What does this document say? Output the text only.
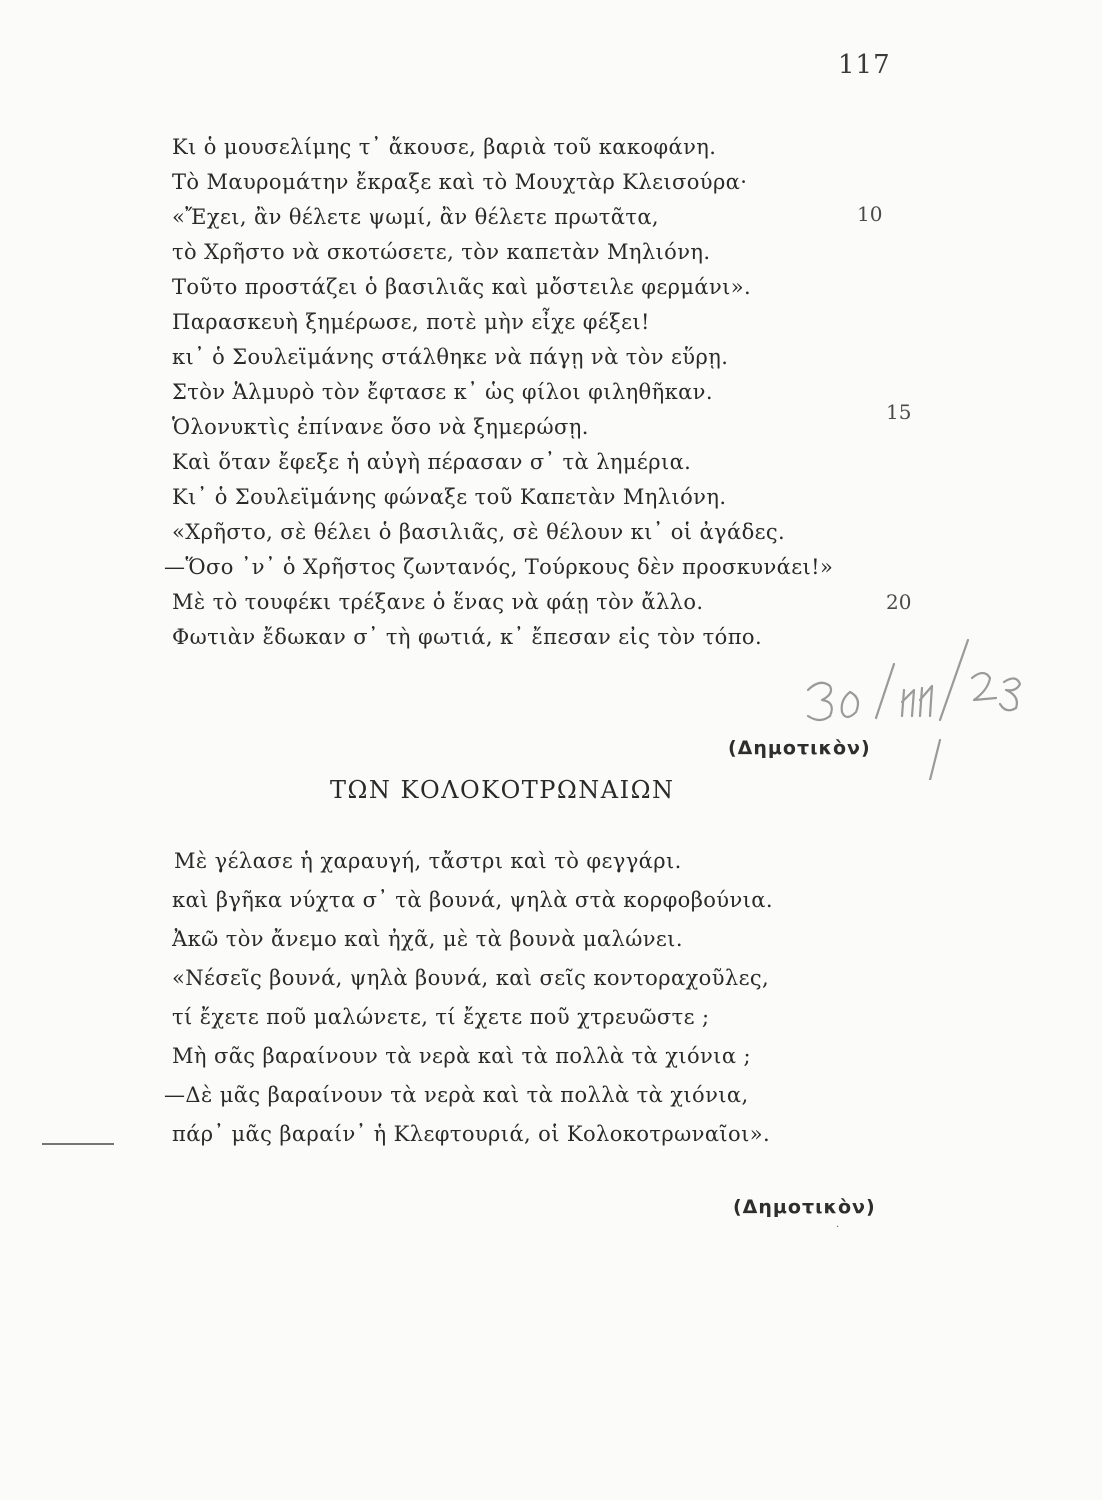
117
Κι ὁ μουσελίμης τ᾿ ἄκουσε, βαριὰ τοῦ κακοφάνη.
Τὸ Μαυρομάτην ἔκραξε καὶ τὸ Μουχτὰρ Κλεισούρα·
«Ἔχει, ἂν θέλετε ψωμί, ἂν θέλετε πρωτᾶτα,
τὸ Χρῆστο νὰ σκοτώσετε, τὸν καπετὰν Μηλιόνη.
Τοῦτο προστάζει ὁ βασιλιᾶς καὶ μὄστειλε φερμάνι».
Παρασκευὴ ξημέρωσε, ποτὲ μὴν εἶχε φέξει!
κι᾿ ὁ Σουλεϊμάνης στάλθηκε νὰ πάγῃ νὰ τὸν εὕρῃ.
Στὸν Ἁλμυρὸ τὸν ἔφτασε κ᾿ ὡς φίλοι φιληθῆκαν.
Ὁλονυκτὶς ἐπίνανε ὅσο νὰ ξημερώσῃ.
Καὶ ὅταν ἔφεξε ἡ αὐγὴ πέρασαν σ᾿ τὰ λημέρια.
Κι᾿ ὁ Σουλεϊμάνης φώναξε τοῦ Καπετὰν Μηλιόνη.
«Χρῆστο, σὲ θέλει ὁ βασιλιᾶς, σὲ θέλουν κι᾿ οἱ ἀγάδες.
—Ὅσο ᾿ν᾿ ὁ Χρῆστος ζωντανός, Τούρκους δὲν προσκυνάει!»
Μὲ τὸ τουφέκι τρέξανε ὁ ἕνας νὰ φάῃ τὸν ἄλλο.
Φωτιὰν ἔδωκαν σ᾿ τὴ φωτιά, κ᾿ ἔπεσαν εἰς τὸν τόπο.
10
15
20
(Δημοτικὸν)
ΤΩΝ ΚΟΛΟΚΟΤΡΩΝΑΙΩΝ
Μὲ γέλασε ἡ χαραυγή, τἄστρι καὶ τὸ φεγγάρι.
καὶ βγῆκα νύχτα σ᾿ τὰ βουνά, ψηλὰ στὰ κορφοβούνια.
Ἀκῶ τὸν ἄνεμο καὶ ἠχᾶ, μὲ τὰ βουνὰ μαλώνει.
«Νέσεῖς βουνά, ψηλὰ βουνά, καὶ σεῖς κοντοραχοῦλες,
τί ἔχετε ποῦ μαλώνετε, τί ἔχετε ποῦ χτρευῶστε ;
Μὴ σᾶς βαραίνουν τὰ νερὰ καὶ τὰ πολλὰ τὰ χιόνια ;
—Δὲ μᾶς βαραίνουν τὰ νερὰ καὶ τὰ πολλὰ τὰ χιόνια,
πάρ᾿ μᾶς βαραίν᾿ ἡ Κλεφτουριά, οἱ Κολοκοτρωναῖοι».
(Δημοτικὸν)
·
